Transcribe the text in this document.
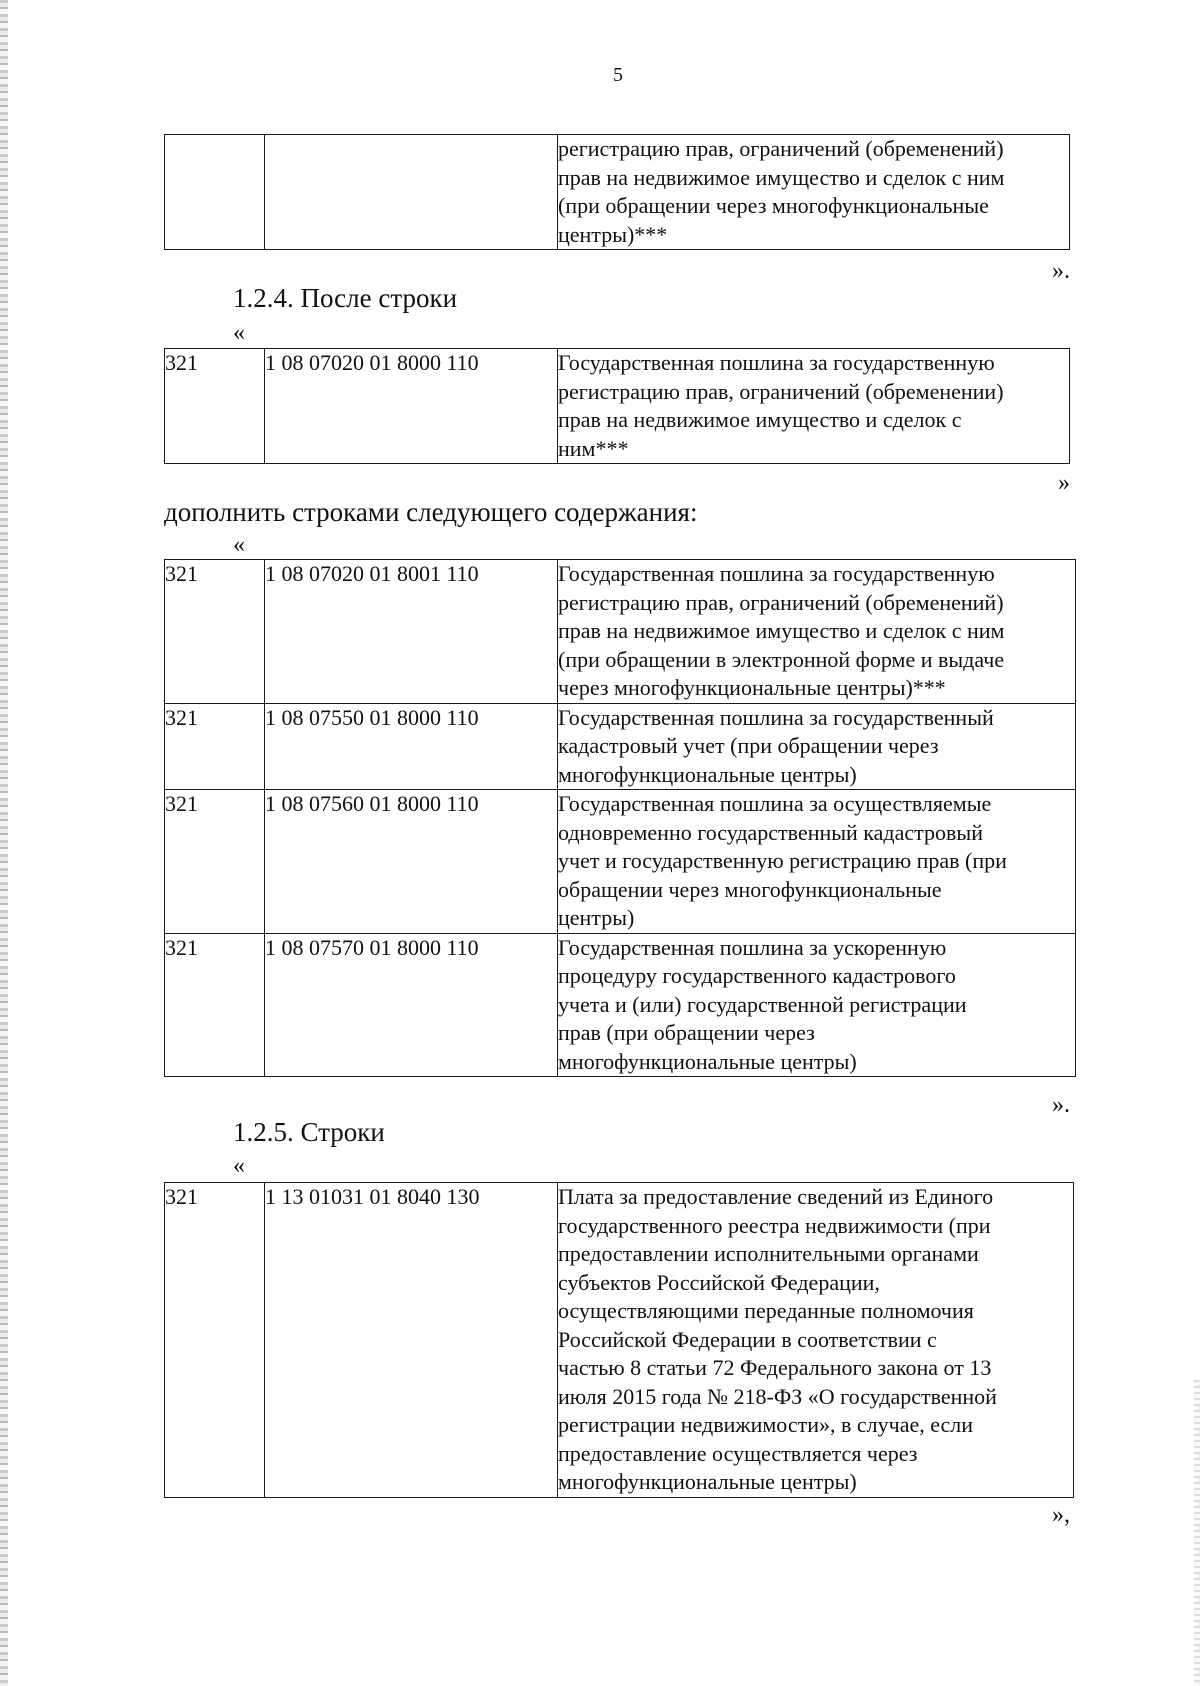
5

регистрацию прав, ограничений (обременений)
прав на недвижимое имущество и сделок с ним
(при обращении через многофункциональные
центры)***
».
1.2.4. После строки
«
321	1 08 07020 01 8000 110	Государственная пошлина за государственную
регистрацию прав, ограничений (обременении)
прав на недвижимое имущество и сделок с
ним***
»
дополнить строками следующего содержания:
«
321	1 08 07020 01 8001 110	Государственная пошлина за государственную
регистрацию прав, ограничений (обременений)
прав на недвижимое имущество и сделок с ним
(при обращении в электронной форме и выдаче
через многофункциональные центры)***

321	1 08 07550 01 8000 110	Государственная пошлина за государственный
кадастровый учет (при обращении через
многофункциональные центры)

321	1 08 07560 01 8000 110	Государственная пошлина за осуществляемые
одновременно государственный кадастровый
учет и государственную регистрацию прав (при
обращении через многофункциональные
центры)

321	1 08 07570 01 8000 110	Государственная пошлина за ускоренную
процедуру государственного кадастрового
учета и (или) государственной регистрации
прав (при обращении через
многофункциональные центры)
».
1.2.5. Строки
«
321	1 13 01031 01 8040 130	Плата за предоставление сведений из Единого
государственного реестра недвижимости (при
предоставлении исполнительными органами
субъектов Российской Федерации,
осуществляющими переданные полномочия
Российской Федерации в соответствии с
частью 8 статьи 72 Федерального закона от 13
июля 2015 года № 218-ФЗ «О государственной
регистрации недвижимости», в случае, если
предоставление осуществляется через
многофункциональные центры)
»,
